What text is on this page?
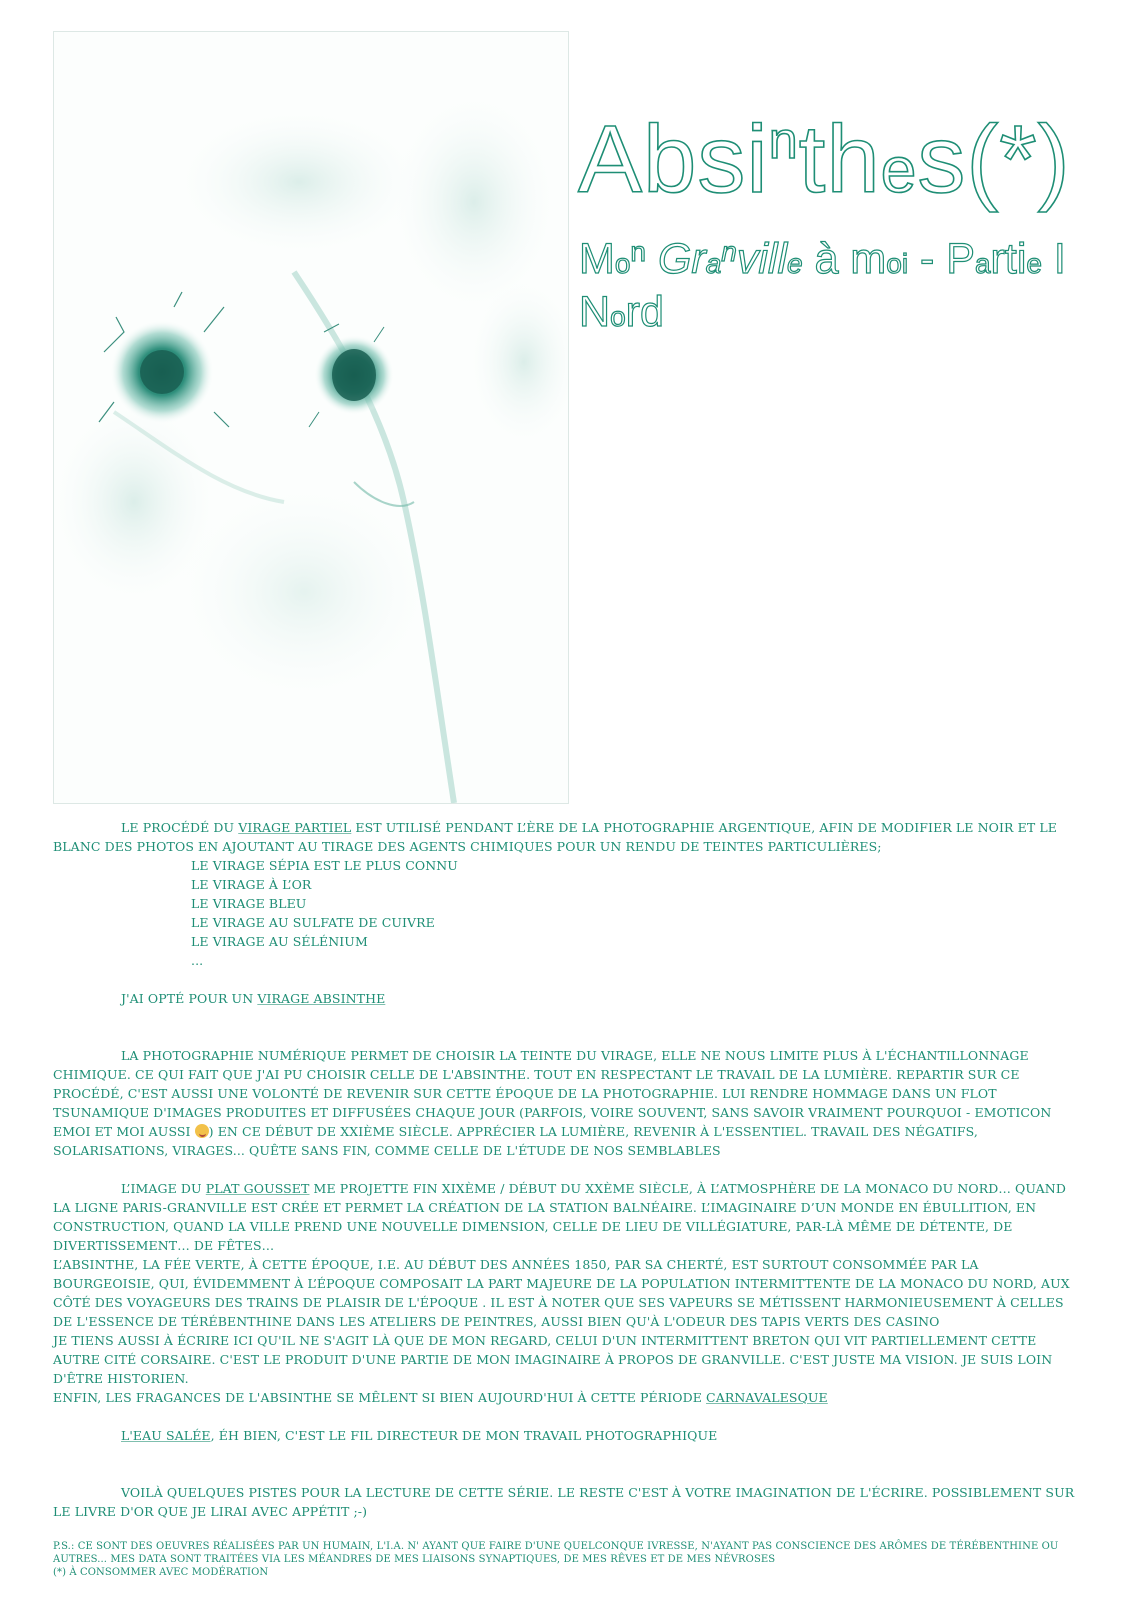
Absi$^n$thes(*)
Mo$^n$ Gra$^n$ville à moi - Partie I
Nord

LE PROCÉDÉ DU VIRAGE PARTIEL EST UTILISÉ PENDANT L’ÈRE DE LA PHOTOGRAPHIE ARGENTIQUE, AFIN DE MODIFIER LE NOIR ET LE BLANC DES PHOTOS EN AJOUTANT AU TIRAGE DES AGENTS CHIMIQUES POUR UN RENDU DE TEINTES PARTICULIÈRES;

LE VIRAGE SÉPIA EST LE PLUS CONNU
LE VIRAGE À L’OR
LE VIRAGE BLEU
LE VIRAGE AU SULFATE DE CUIVRE
LE VIRAGE AU SÉLÉNIUM
...

J'AI OPTÉ POUR UN VIRAGE ABSINTHE

LA PHOTOGRAPHIE NUMÉRIQUE PERMET DE CHOISIR LA TEINTE DU VIRAGE, ELLE NE NOUS LIMITE PLUS À L'ÉCHANTILLONNAGE CHIMIQUE. CE QUI FAIT QUE J'AI PU CHOISIR CELLE DE L'ABSINTHE. TOUT EN RESPECTANT LE TRAVAIL DE LA LUMIÈRE. REPARTIR SUR CE PROCÉDÉ, C'EST AUSSI UNE VOLONTÉ DE REVENIR SUR CETTE ÉPOQUE DE LA PHOTOGRAPHIE. LUI RENDRE HOMMAGE DANS UN FLOT TSUNAMIQUE D'IMAGES PRODUITES ET DIFFUSÉES CHAQUE JOUR (PARFOIS, VOIRE SOUVENT, SANS SAVOIR VRAIMENT POURQUOI - EMOTICON EMOI ET MOI AUSSI ) EN CE DÉBUT DE XXIÈME SIÈCLE. APPRÉCIER LA LUMIÈRE, REVENIR À L'ESSENTIEL. TRAVAIL DES NÉGATIFS, SOLARISATIONS, VIRAGES... QUÊTE SANS FIN, COMME CELLE DE L'ÉTUDE DE NOS SEMBLABLES

L’IMAGE DU PLAT GOUSSET ME PROJETTE FIN XIXÈME / DÉBUT DU XXÈME SIÈCLE, À L’ATMOSPHÈRE DE LA MONACO DU NORD… QUAND LA LIGNE PARIS-GRANVILLE EST CRÉE ET PERMET LA CRÉATION DE LA STATION BALNÉAIRE. L’IMAGINAIRE D’UN MONDE EN ÉBULLITION, EN CONSTRUCTION, QUAND LA VILLE PREND UNE NOUVELLE DIMENSION, CELLE DE LIEU DE VILLÉGIATURE, PAR-LÀ MÊME DE DÉTENTE, DE DIVERTISSEMENT… DE FÊTES…

L’ABSINTHE, LA FÉE VERTE, À CETTE ÉPOQUE, I.E. AU DÉBUT DES ANNÉES 1850, PAR SA CHERTÉ, EST SURTOUT CONSOMMÉE PAR LA BOURGEOISIE, QUI, ÉVIDEMMENT À L’ÉPOQUE COMPOSAIT LA PART MAJEURE DE LA POPULATION INTERMITTENTE DE LA MONACO DU NORD, AUX CÔTÉ DES VOYAGEURS DES TRAINS DE PLAISIR DE L'ÉPOQUE . IL EST À NOTER QUE SES VAPEURS SE MÉTISSENT HARMONIEUSEMENT À CELLES DE L'ESSENCE DE TÉRÉBENTHINE DANS LES ATELIERS DE PEINTRES, AUSSI BIEN QU'À L'ODEUR DES TAPIS VERTS DES CASINO

JE TIENS AUSSI À ÉCRIRE ICI QU'IL NE S'AGIT LÀ QUE DE MON REGARD, CELUI D'UN INTERMITTENT BRETON QUI VIT PARTIELLEMENT CETTE AUTRE CITÉ CORSAIRE. C'EST LE PRODUIT D'UNE PARTIE DE MON IMAGINAIRE À PROPOS DE GRANVILLE. C'EST JUSTE MA VISION. JE SUIS LOIN D'ÊTRE HISTORIEN.

ENFIN, LES FRAGANCES DE L'ABSINTHE SE MÊLENT SI BIEN AUJOURD'HUI À CETTE PÉRIODE CARNAVALESQUE

L'EAU SALÉE, ÉH BIEN, C'EST LE FIL DIRECTEUR DE MON TRAVAIL PHOTOGRAPHIQUE

VOILÀ QUELQUES PISTES POUR LA LECTURE DE CETTE SÉRIE. LE RESTE C'EST À VOTRE IMAGINATION DE L'ÉCRIRE. POSSIBLEMENT SUR LE LIVRE D'OR QUE JE LIRAI AVEC APPÉTIT ;-)

P.S.: CE SONT DES OEUVRES RÉALISÉES PAR UN HUMAIN, L'I.A. N' AYANT QUE FAIRE D'UNE QUELCONQUE IVRESSE, N'AYANT PAS CONSCIENCE DES ARÔMES DE TÉRÉBENTHINE OU AUTRES... MES DATA SONT TRAITÉES VIA LES MÉANDRES DE MES LIAISONS SYNAPTIQUES, DE MES RÊVES ET DE MES NÉVROSES

(*) À CONSOMMER AVEC MODÉRATION
